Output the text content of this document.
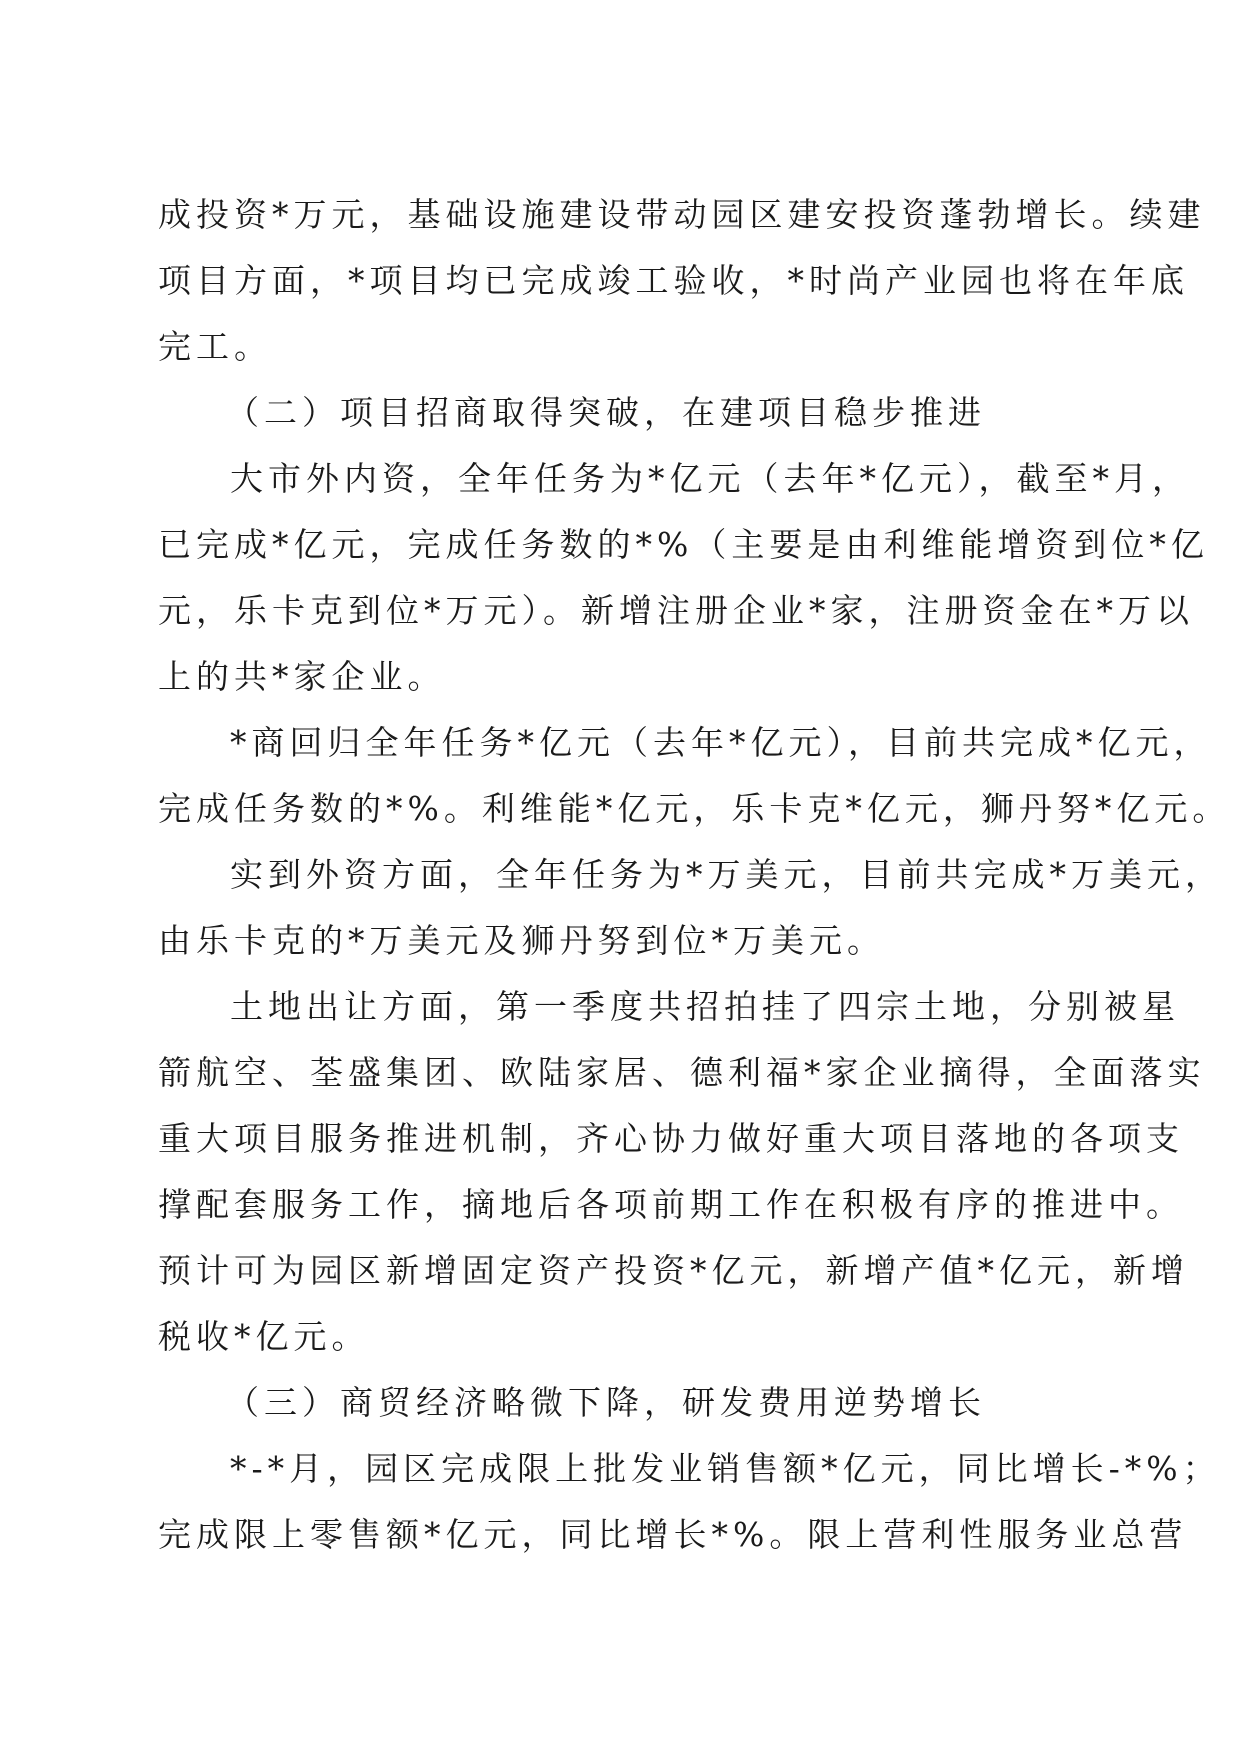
成投资*万元，基础设施建设带动园区建安投资蓬勃增长。续建
项目方面，*项目均已完成竣工验收，*时尚产业园也将在年底
完工。
（二）项目招商取得突破，在建项目稳步推进
大市外内资，全年任务为*亿元（去年*亿元），截至*月，
已完成*亿元，完成任务数的*%（主要是由利维能增资到位*亿
元，乐卡克到位*万元）。新增注册企业*家，注册资金在*万以
上的共*家企业。
*商回归全年任务*亿元（去年*亿元），目前共完成*亿元，
完成任务数的*%。利维能*亿元，乐卡克*亿元，狮丹努*亿元。
实到外资方面，全年任务为*万美元，目前共完成*万美元，
由乐卡克的*万美元及狮丹努到位*万美元。
土地出让方面，第一季度共招拍挂了四宗土地，分别被星
箭航空、荃盛集团、欧陆家居、德利福*家企业摘得，全面落实
重大项目服务推进机制，齐心协力做好重大项目落地的各项支
撑配套服务工作，摘地后各项前期工作在积极有序的推进中。
预计可为园区新增固定资产投资*亿元，新增产值*亿元，新增
税收*亿元。
（三）商贸经济略微下降，研发费用逆势增长
*-*月，园区完成限上批发业销售额*亿元，同比增长-*%；
完成限上零售额*亿元，同比增长*%。限上营利性服务业总营
